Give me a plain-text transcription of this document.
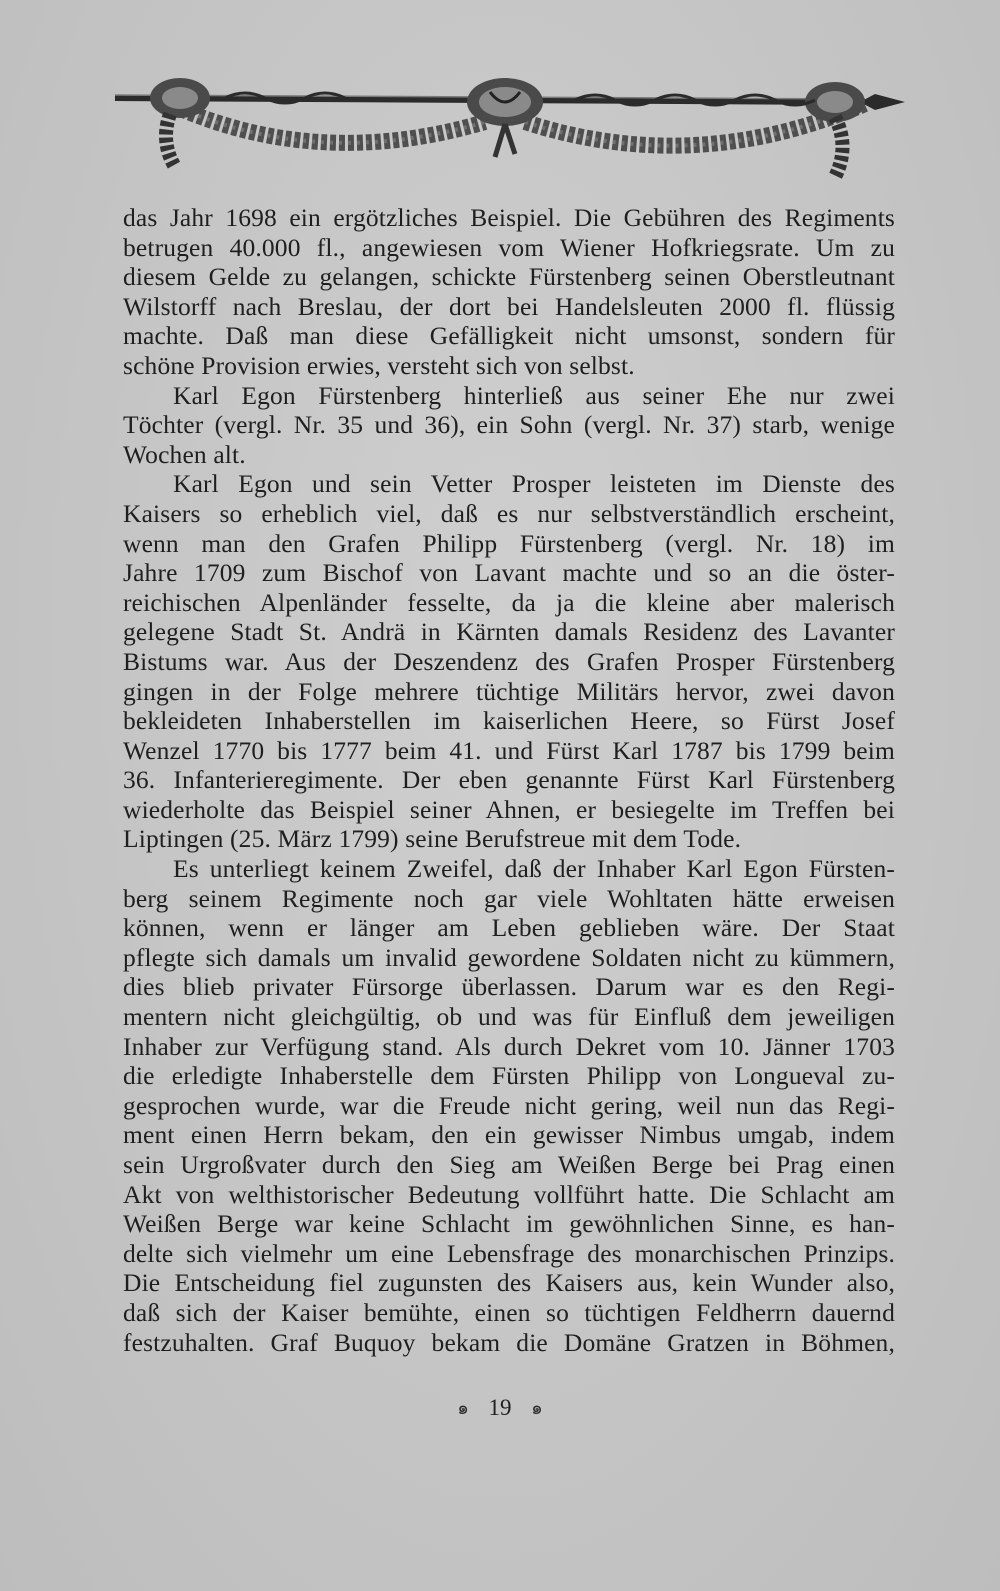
das Jahr 1698 ein ergötzliches Beispiel. Die Gebühren des Regiments
betrugen 40.000 fl., angewiesen vom Wiener Hofkriegsrate. Um zu
diesem Gelde zu gelangen, schickte Fürstenberg seinen Oberstleutnant
Wilstorff nach Breslau, der dort bei Handelsleuten 2000 fl. flüssig
machte. Daß man diese Gefälligkeit nicht umsonst, sondern für
schöne Provision erwies, versteht sich von selbst.
Karl Egon Fürstenberg hinterließ aus seiner Ehe nur zwei
Töchter (vergl. Nr. 35 und 36), ein Sohn (vergl. Nr. 37) starb, wenige
Wochen alt.
Karl Egon und sein Vetter Prosper leisteten im Dienste des
Kaisers so erheblich viel, daß es nur selbstverständlich erscheint,
wenn man den Grafen Philipp Fürstenberg (vergl. Nr. 18) im
Jahre 1709 zum Bischof von Lavant machte und so an die öster-
reichischen Alpenländer fesselte, da ja die kleine aber malerisch
gelegene Stadt St. Andrä in Kärnten damals Residenz des Lavanter
Bistums war. Aus der Deszendenz des Grafen Prosper Fürstenberg
gingen in der Folge mehrere tüchtige Militärs hervor, zwei davon
bekleideten Inhaberstellen im kaiserlichen Heere, so Fürst Josef
Wenzel 1770 bis 1777 beim 41. und Fürst Karl 1787 bis 1799 beim
36. Infanterieregimente. Der eben genannte Fürst Karl Fürstenberg
wiederholte das Beispiel seiner Ahnen, er besiegelte im Treffen bei
Liptingen (25. März 1799) seine Berufstreue mit dem Tode.
Es unterliegt keinem Zweifel, daß der Inhaber Karl Egon Fürsten-
berg seinem Regimente noch gar viele Wohltaten hätte erweisen
können, wenn er länger am Leben geblieben wäre. Der Staat
pflegte sich damals um invalid gewordene Soldaten nicht zu kümmern,
dies blieb privater Fürsorge überlassen. Darum war es den Regi-
mentern nicht gleichgültig, ob und was für Einfluß dem jeweiligen
Inhaber zur Verfügung stand. Als durch Dekret vom 10. Jänner 1703
die erledigte Inhaberstelle dem Fürsten Philipp von Longueval zu-
gesprochen wurde, war die Freude nicht gering, weil nun das Regi-
ment einen Herrn bekam, den ein gewisser Nimbus umgab, indem
sein Urgroßvater durch den Sieg am Weißen Berge bei Prag einen
Akt von welthistorischer Bedeutung vollführt hatte. Die Schlacht am
Weißen Berge war keine Schlacht im gewöhnlichen Sinne, es han-
delte sich vielmehr um eine Lebensfrage des monarchischen Prinzips.
Die Entscheidung fiel zugunsten des Kaisers aus, kein Wunder also,
daß sich der Kaiser bemühte, einen so tüchtigen Feldherrn dauernd
festzuhalten. Graf Buquoy bekam die Domäne Gratzen in Böhmen,
๑ 19 ๑
